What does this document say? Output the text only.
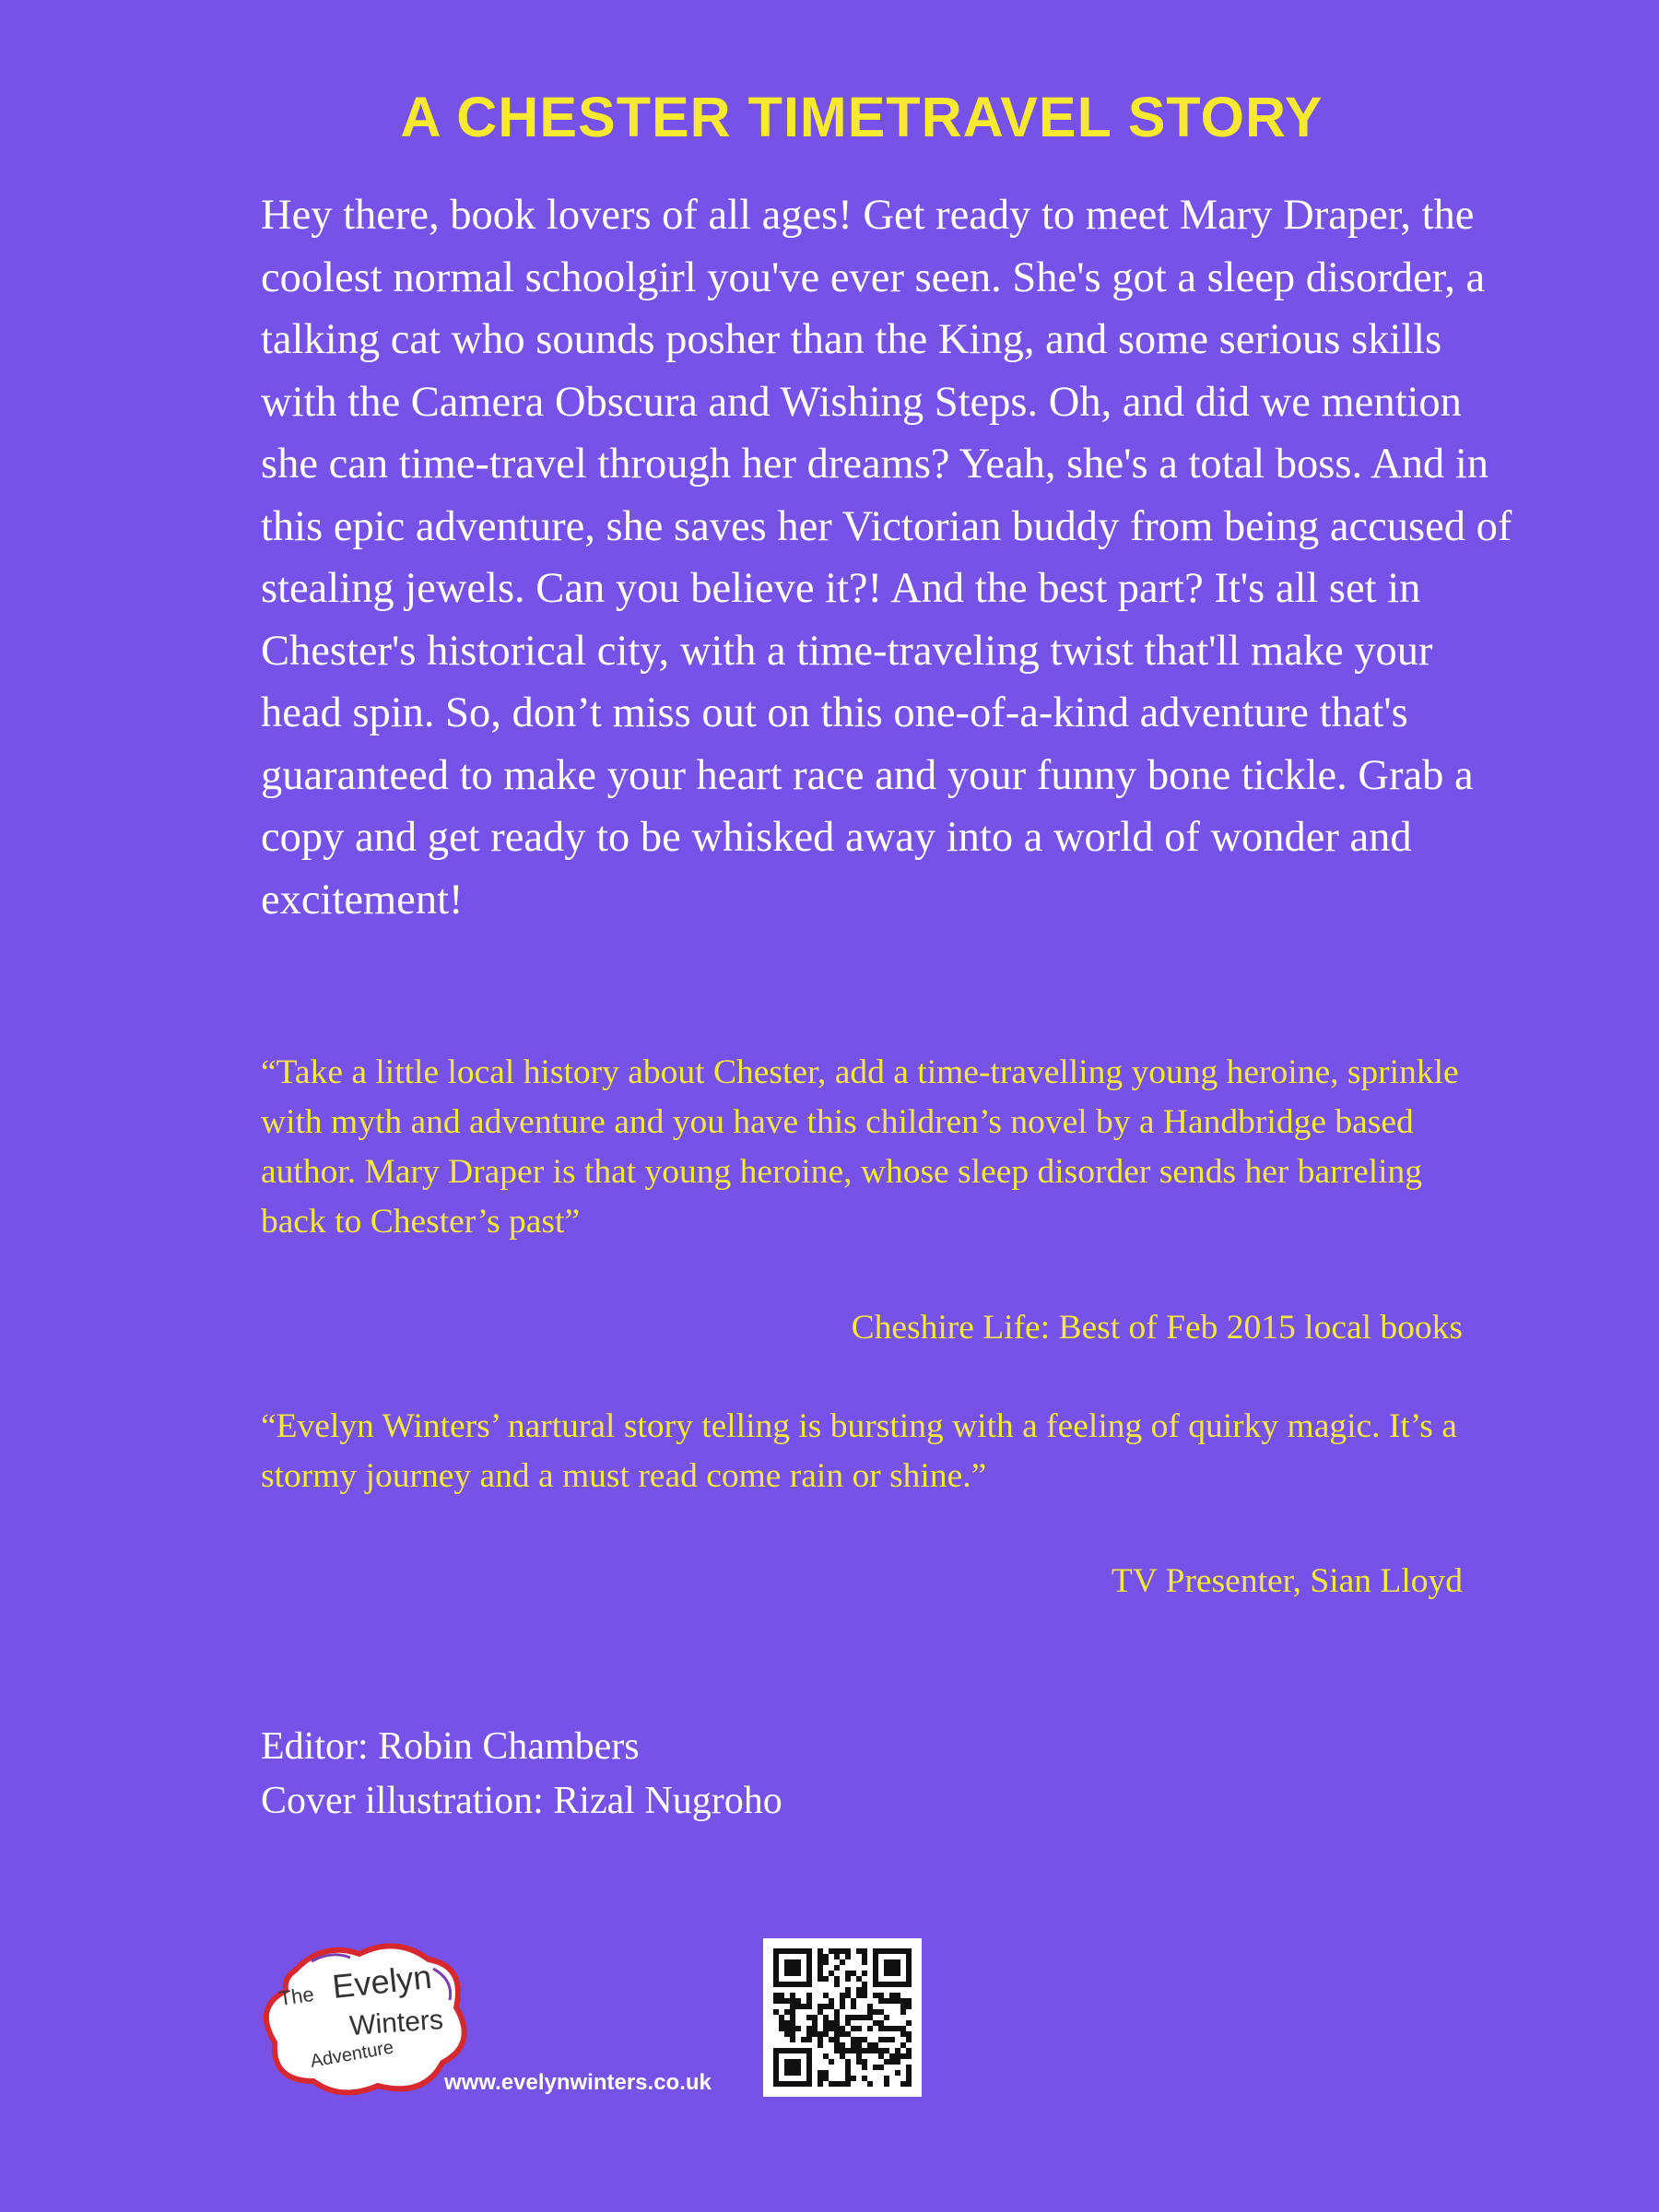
A CHESTER TIMETRAVEL STORY

Hey there, book lovers of all ages! Get ready to meet Mary Draper, the coolest normal schoolgirl you've ever seen. She's got a sleep disorder, a talking cat who sounds posher than the King, and some serious skills with the Camera Obscura and Wishing Steps. Oh, and did we mention she can time-travel through her dreams? Yeah, she's a total boss. And in this epic adventure, she saves her Victorian buddy from being accused of stealing jewels. Can you believe it?! And the best part? It's all set in Chester's historical city, with a time-traveling twist that'll make your head spin. So, don’t miss out on this one-of-a-kind adventure that's guaranteed to make your heart race and your funny bone tickle. Grab a copy and get ready to be whisked away into a world of wonder and excitement!

“Take a little local history about Chester, add a time-travelling young heroine, sprinkle with myth and adventure and you have this children’s novel by a Handbridge based author. Mary Draper is that young heroine, whose sleep disorder sends her barreling back to Chester’s past”

Cheshire Life: Best of Feb 2015 local books

“Evelyn Winters’ nartural story telling is bursting with a feeling of quirky magic. It’s a stormy journey and a must read come rain or shine.”

TV Presenter, Sian Lloyd

Editor: Robin Chambers
Cover illustration: Rizal Nugroho
The Evelyn
Winters
Adventure
www.evelynwinters.co.uk
